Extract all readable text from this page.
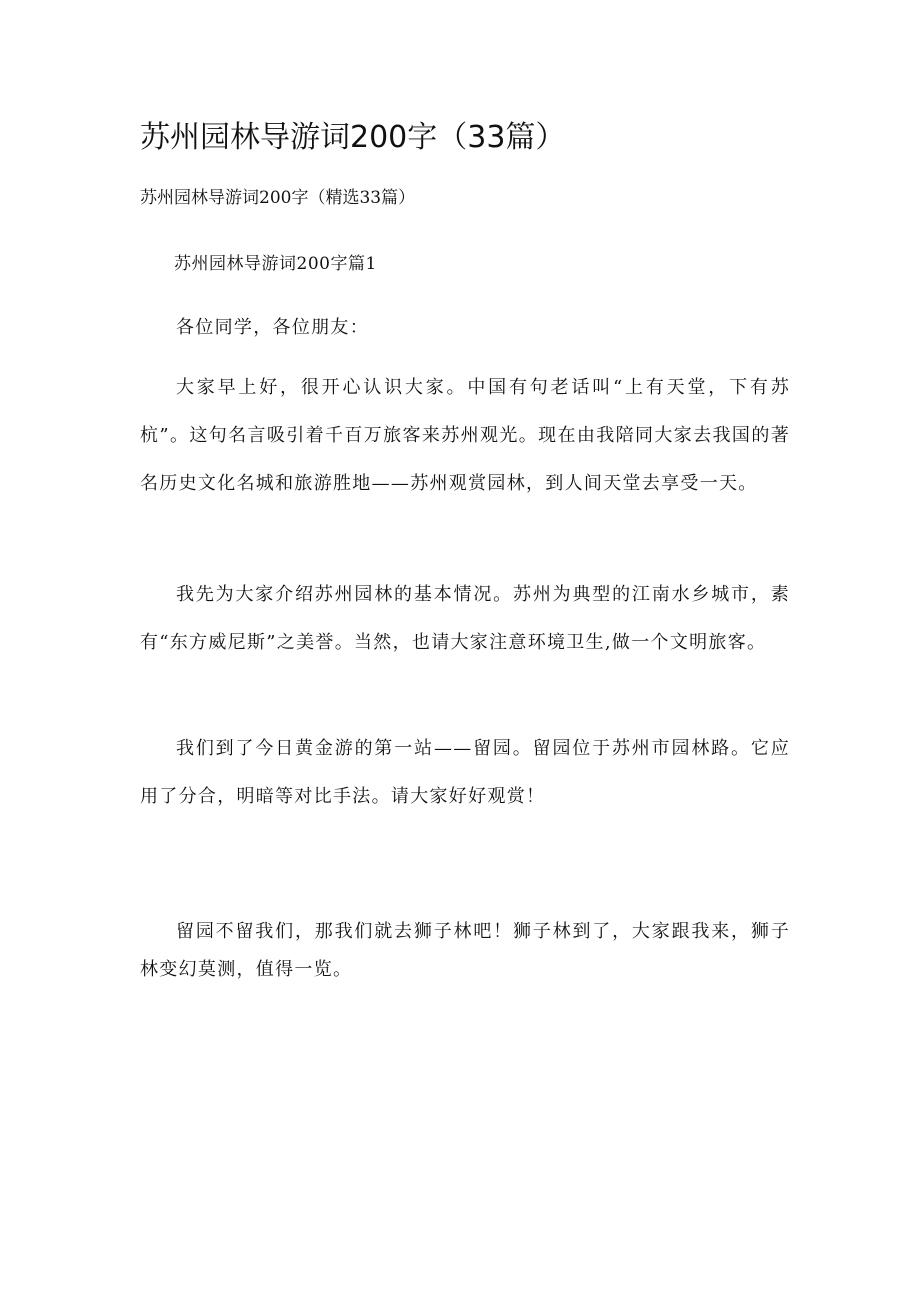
苏州园林导游词200字（33篇）

苏州园林导游词200字（精选33篇）

苏州园林导游词200字篇1

各位同学，各位朋友：

大家早上好，很开心认识大家。中国有句老话叫“上有天堂，下有苏杭”。这句名言吸引着千百万旅客来苏州观光。现在由我陪同大家去我国的著名历史文化名城和旅游胜地——苏州观赏园林，到人间天堂去享受一天。

我先为大家介绍苏州园林的基本情况。苏州为典型的江南水乡城市，素有“东方威尼斯”之美誉。当然，也请大家注意环境卫生,做一个文明旅客。

我们到了今日黄金游的第一站——留园。留园位于苏州市园林路。它应用了分合，明暗等对比手法。请大家好好观赏！

留园不留我们，那我们就去狮子林吧！狮子林到了，大家跟我来，狮子林变幻莫测，值得一览。
